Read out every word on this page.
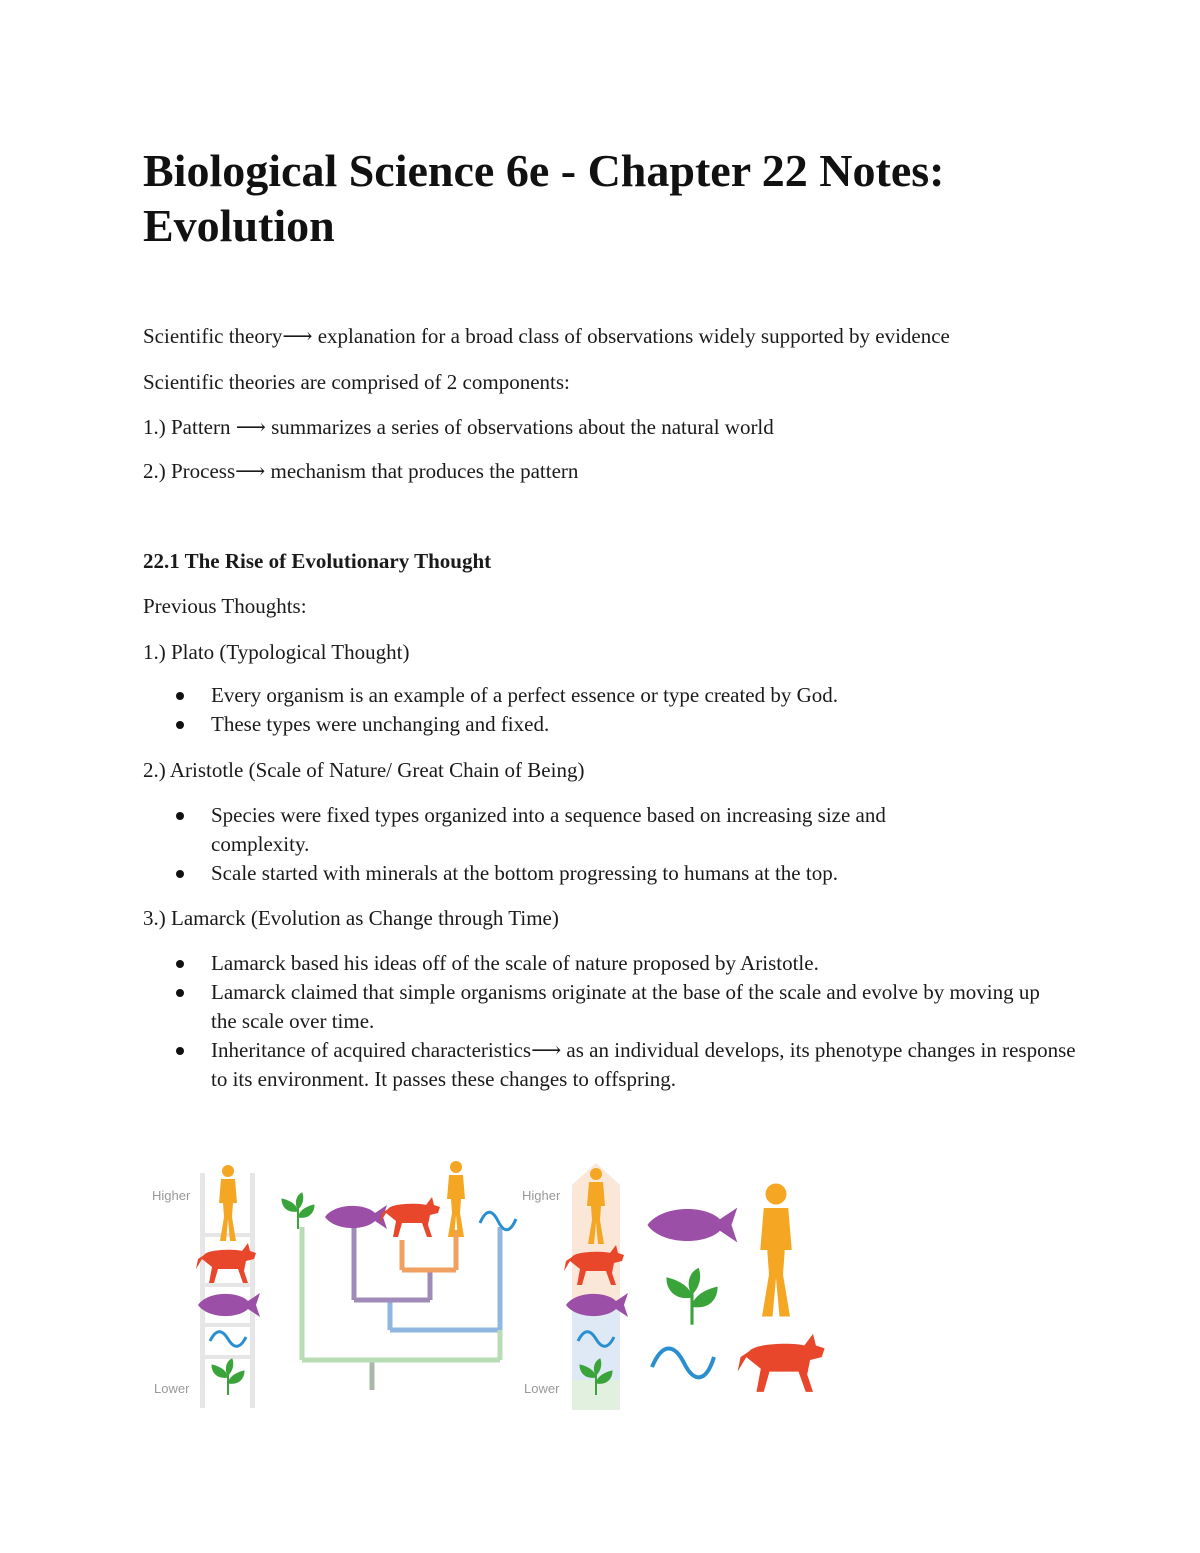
Biological Science 6e - Chapter 22 Notes: Evolution

Scientific theory⟶ explanation for a broad class of observations widely supported by evidence

Scientific theories are comprised of 2 components:

1.) Pattern ⟶ summarizes a series of observations about the natural world

2.) Process⟶ mechanism that produces the pattern

22.1 The Rise of Evolutionary Thought

Previous Thoughts:

1.) Plato (Typological Thought)

Every organism is an example of a perfect essence or type created by God.
These types were unchanging and fixed.

2.) Aristotle (Scale of Nature/ Great Chain of Being)

Species were fixed types organized into a sequence based on increasing size and complexity.
Scale started with minerals at the bottom progressing to humans at the top.

3.) Lamarck (Evolution as Change through Time)

Lamarck based his ideas off of the scale of nature proposed by Aristotle.
Lamarck claimed that simple organisms originate at the base of the scale and evolve by moving up the scale over time.
Inheritance of acquired characteristics⟶ as an individual develops, its phenotype changes in response to its environment. It passes these changes to offspring.
Higher
Lower
Higher
Lower
